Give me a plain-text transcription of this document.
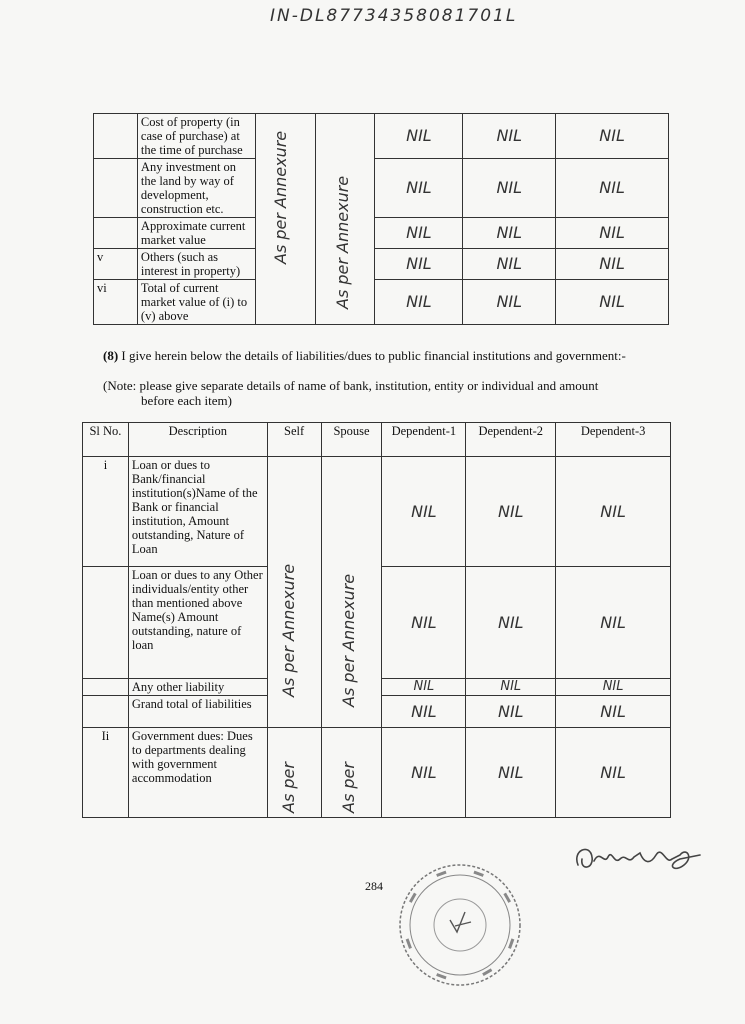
IN-DL87734358081701L
	Cost of property (in case of purchase) at the time of purchase	As per Annexure	As per Annexure	NIL	NIL	NIL
	Any investment on the land by way of development, construction etc.			NIL	NIL	NIL
	Approximate current market value			NIL	NIL	NIL
v	Others (such as interest in property)			NIL	NIL	NIL
vi	Total of current market value of (i) to (v) above			NIL	NIL	NIL
(8) I give herein below the details of liabilities/dues to public financial institutions and government:-
(Note: please give separate details of name of bank, institution, entity or individual and amount
before each item)
Sl No.	Description	Self	Spouse	Dependent-1	Dependent-2	Dependent-3
i	Loan or dues to Bank/financial institution(s)Name of the Bank or financial institution, Amount outstanding, Nature of Loan	As per Annexure	As per Annexure	NIL	NIL	NIL
	Loan or dues to any Other individuals/entity other than mentioned above Name(s) Amount outstanding, nature of loan			NIL	NIL	NIL
	Any other liability			NIL	NIL	NIL
	Grand total of liabilities			NIL	NIL	NIL
Ii	Government dues: Dues to departments dealing with government accommodation	As per	As per	NIL	NIL	NIL
284
